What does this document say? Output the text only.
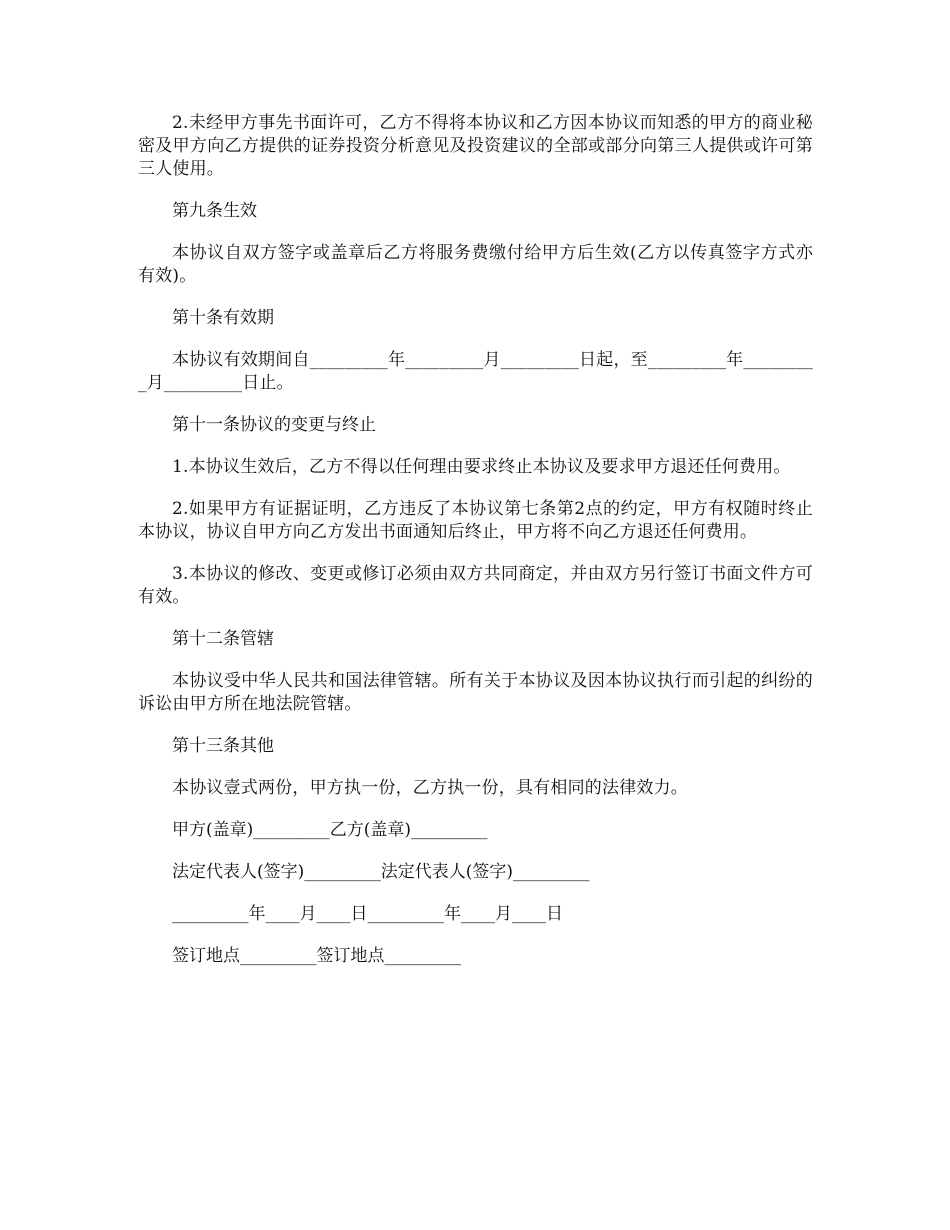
2.未经甲方事先书面许可，乙方不得将本协议和乙方因本协议而知悉的甲方的商业秘密及甲方向乙方提供的证券投资分析意见及投资建议的全部或部分向第三人提供或许可第三人使用。

第九条生效

本协议自双方签字或盖章后乙方将服务费缴付给甲方后生效(乙方以传真签字方式亦有效)。

第十条有效期

本协议有效期间自_________年_________月_________日起，至_________年_________月_________日止。

第十一条协议的变更与终止

1.本协议生效后，乙方不得以任何理由要求终止本协议及要求甲方退还任何费用。

2.如果甲方有证据证明，乙方违反了本协议第七条第2点的约定，甲方有权随时终止本协议，协议自甲方向乙方发出书面通知后终止，甲方将不向乙方退还任何费用。

3.本协议的修改、变更或修订必须由双方共同商定，并由双方另行签订书面文件方可有效。

第十二条管辖

本协议受中华人民共和国法律管辖。所有关于本协议及因本协议执行而引起的纠纷的诉讼由甲方所在地法院管辖。

第十三条其他

本协议壹式两份，甲方执一份，乙方执一份，具有相同的法律效力。

甲方(盖章)_________乙方(盖章)_________

法定代表人(签字)_________法定代表人(签字)_________

_________年____月____日_________年____月____日

签订地点_________签订地点_________
